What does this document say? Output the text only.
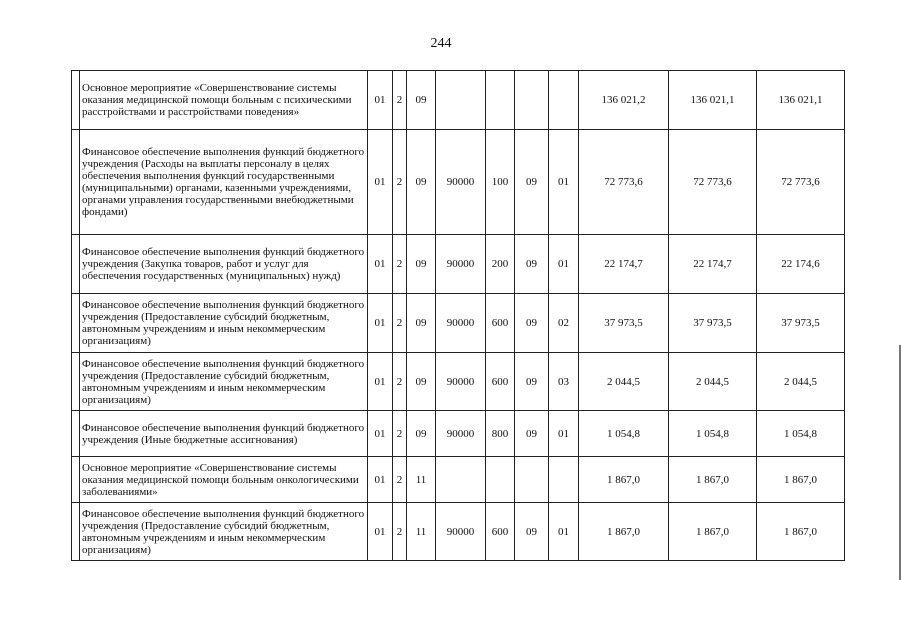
244
	Основное мероприятие «Совершенствование системы оказания медицинской помощи больным с психическими расстройствами и расстройствами поведения»	01	2	09					136 021,2	136 021,1	136 021,1
	Финансовое обеспечение выполнения функций бюджетного учреждения (Расходы на выплаты персоналу в целях обеспечения выполнения функций государственными (муниципальными) органами, казенными учреждениями, органами управления государственными внебюджетными фондами)	01	2	09	90000	100	09	01	72 773,6	72 773,6	72 773,6
	Финансовое обеспечение выполнения функций бюджетного учреждения (Закупка товаров, работ и услуг для обеспечения государственных (муниципальных) нужд)	01	2	09	90000	200	09	01	22 174,7	22 174,7	22 174,6
	Финансовое обеспечение выполнения функций бюджетного учреждения (Предоставление субсидий бюджетным, автономным учреждениям и иным некоммерческим организациям)	01	2	09	90000	600	09	02	37 973,5	37 973,5	37 973,5
	Финансовое обеспечение выполнения функций бюджетного учреждения (Предоставление субсидий бюджетным, автономным учреждениям и иным некоммерческим организациям)	01	2	09	90000	600	09	03	2 044,5	2 044,5	2 044,5
	Финансовое обеспечение выполнения функций бюджетного учреждения (Иные бюджетные ассигнования)	01	2	09	90000	800	09	01	1 054,8	1 054,8	1 054,8
	Основное мероприятие «Совершенствование системы оказания медицинской помощи больным онкологическими заболеваниями»	01	2	11					1 867,0	1 867,0	1 867,0
	Финансовое обеспечение выполнения функций бюджетного учреждения (Предоставление субсидий бюджетным, автономным учреждениям и иным некоммерческим организациям)	01	2	11	90000	600	09	01	1 867,0	1 867,0	1 867,0
